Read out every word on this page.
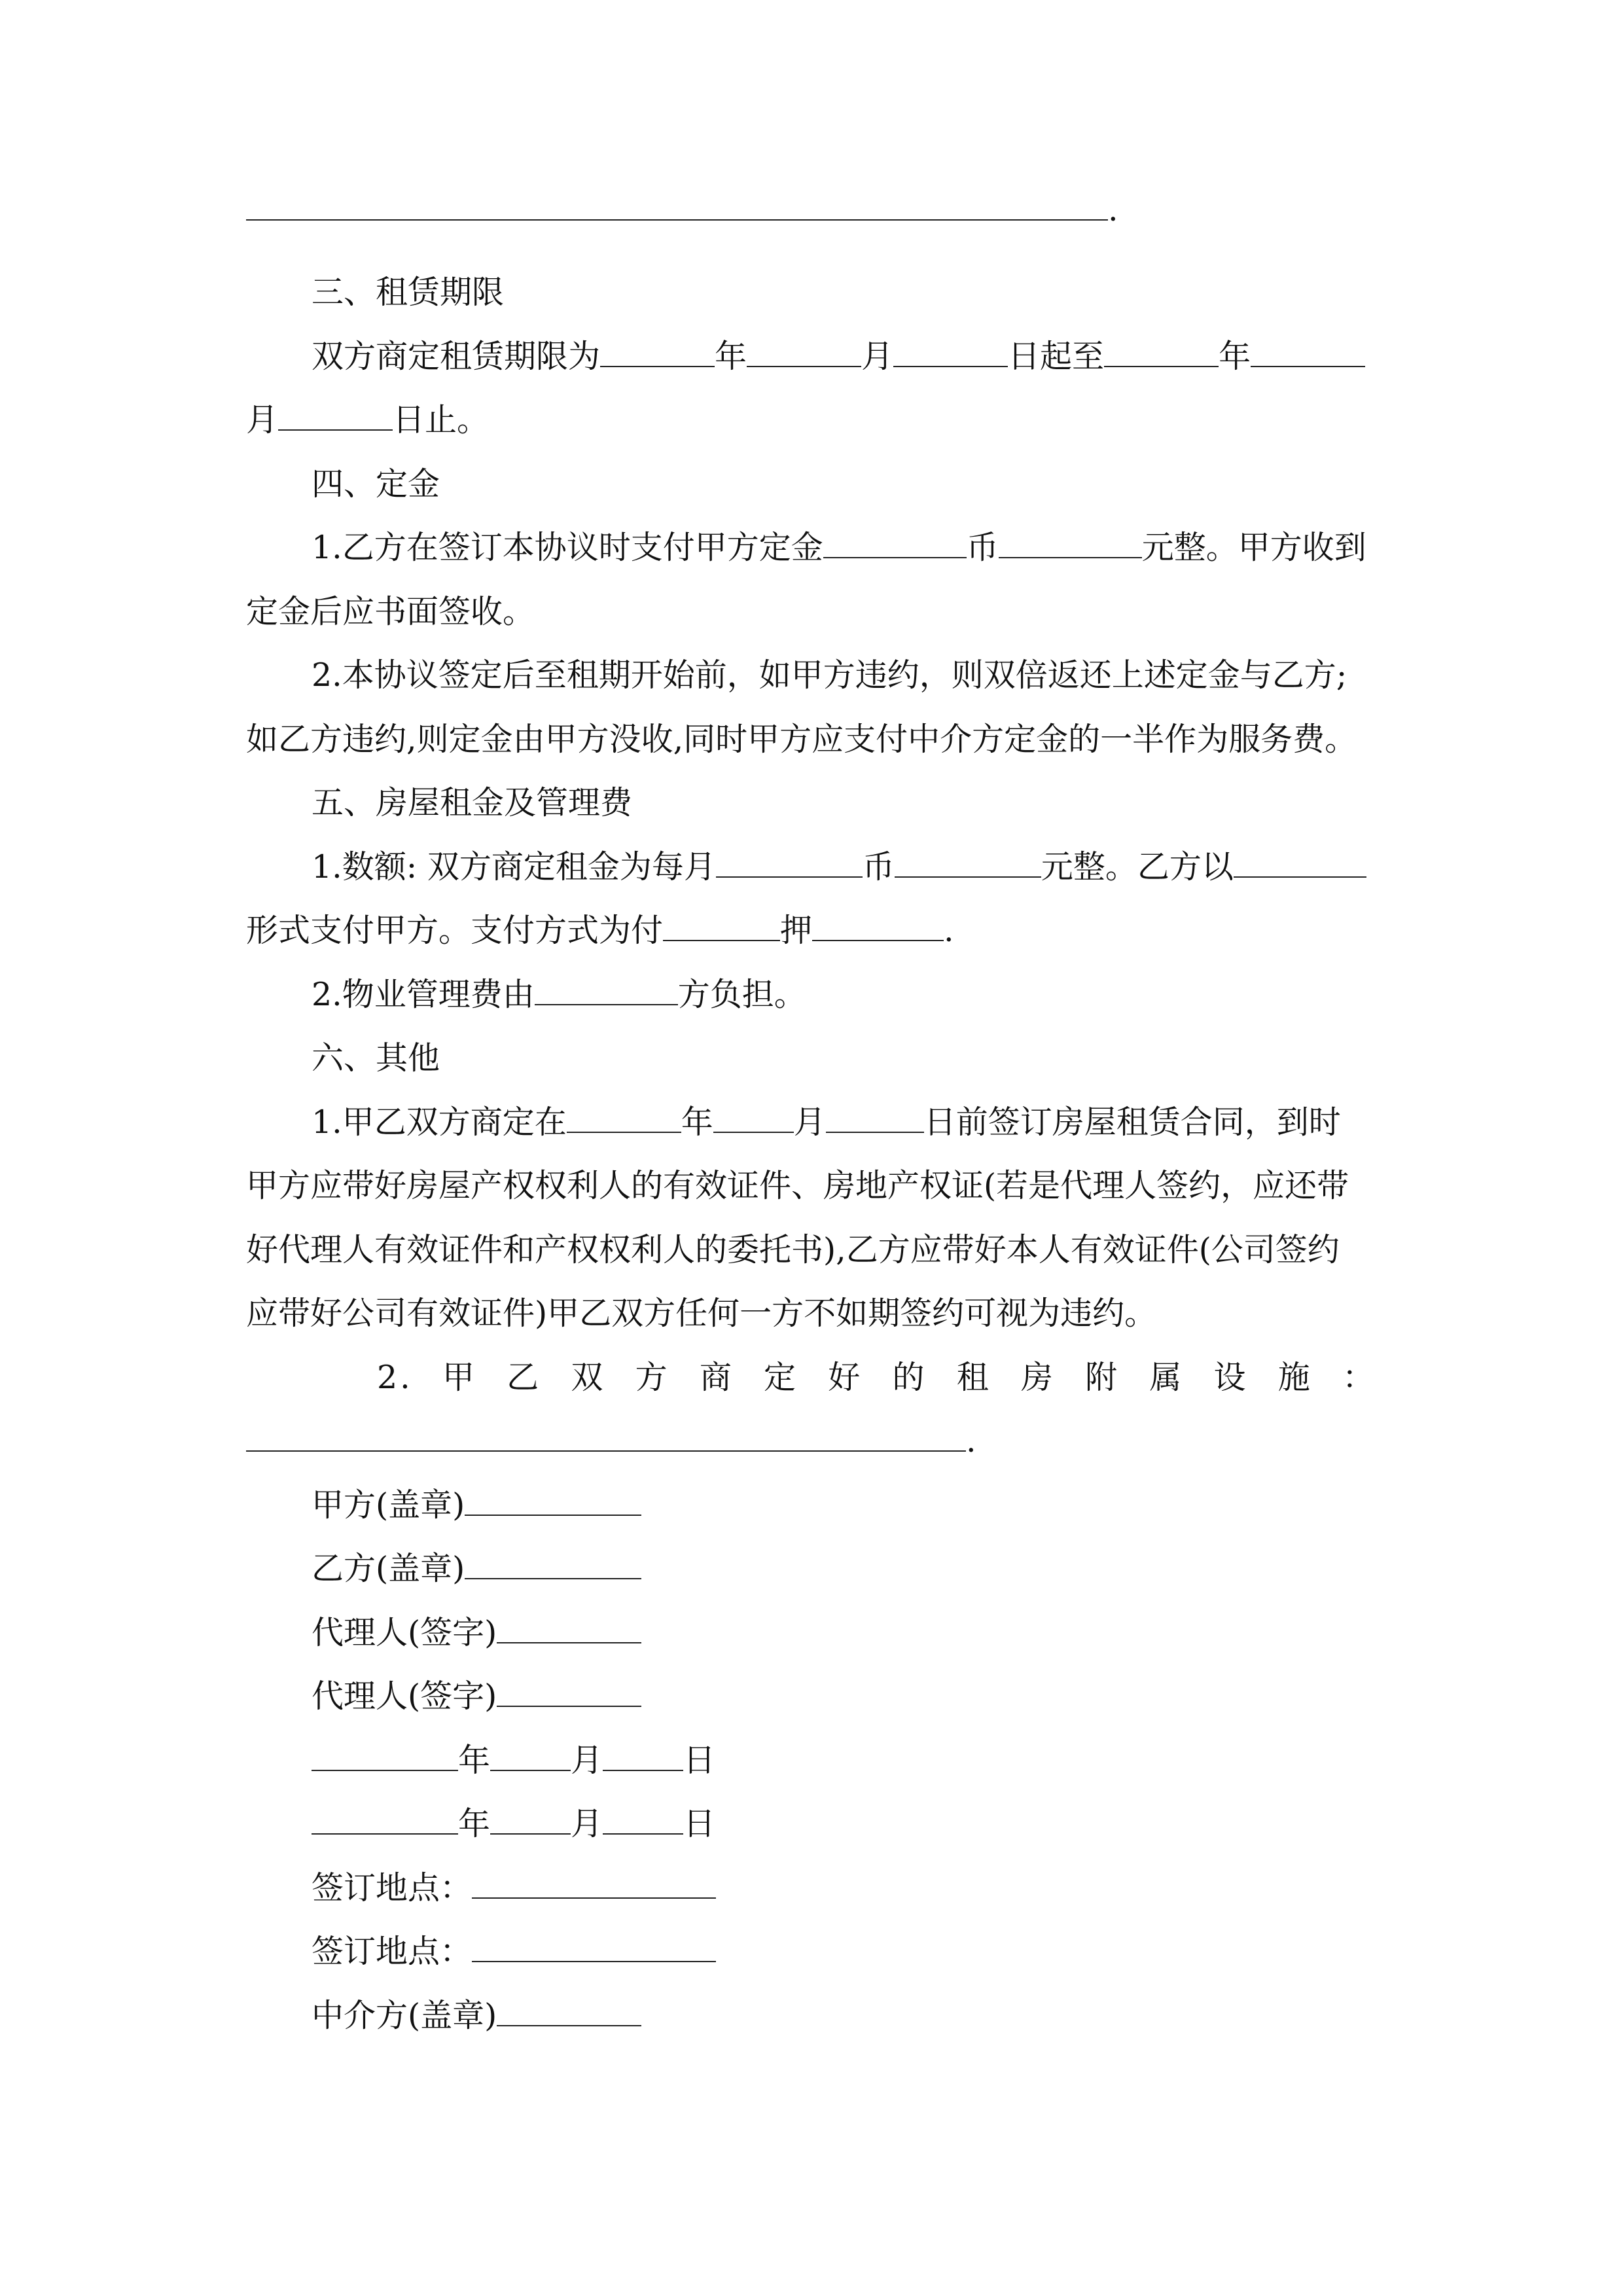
.
三、租赁期限
双方商定租赁期限为	年	月	日起至	年
月	日止。
四、定金
1.乙方在签订本协议时支付甲方定金	币	元整。甲方收到
定金后应书面签收。
2.本协议签定后至租期开始前，如甲方违约，则双倍返还上述定金与乙方;
如乙方违约,则定金由甲方没收,同时甲方应支付中介方定金的一半作为服务费。
五、房屋租金及管理费
1.数额: 双方商定租金为每月	币	元整。乙方以
形式支付甲方。支付方式为付	押	.
2.物业管理费由	方负担。
六、其他
1.甲乙双方商定在	年	月	日前签订房屋租赁合同，到时
甲方应带好房屋产权权利人的有效证件、房地产权证(若是代理人签约，应还带
好代理人有效证件和产权权利人的委托书),乙方应带好本人有效证件(公司签约
应带好公司有效证件)甲乙双方任何一方不如期签约可视为违约。
2.甲乙双方商定好的租房附属设施：
.
甲方(盖章)
乙方(盖章)
代理人(签字)
代理人(签字)
年	月	日
年	月	日
签订地点：
签订地点：
中介方(盖章)
